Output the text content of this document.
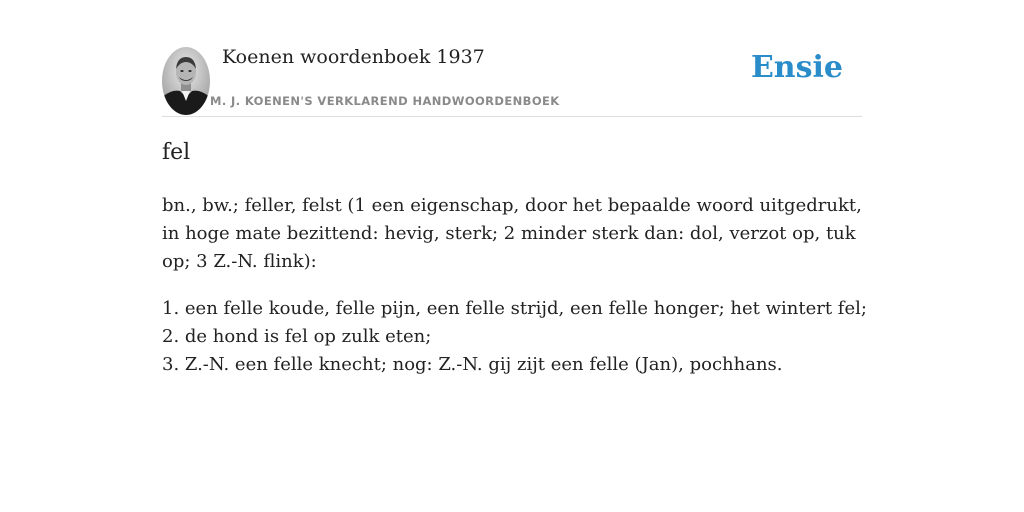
Koenen woordenboek 1937
M. J. KOENEN'S VERKLAREND HANDWOORDENBOEK
Ensie
fel

bn., bw.; feller, felst (1 een eigenschap, door het bepaalde woord uitgedrukt, in hoge mate bezittend: hevig, sterk; 2 minder sterk dan: dol, verzot op, tuk op; 3 Z.-N. flink):

1. een felle koude, felle pijn, een felle strijd, een felle honger; het wintert fel;
2. de hond is fel op zulk eten;
3. Z.-N. een felle knecht; nog: Z.-N. gij zijt een felle (Jan), pochhans.
